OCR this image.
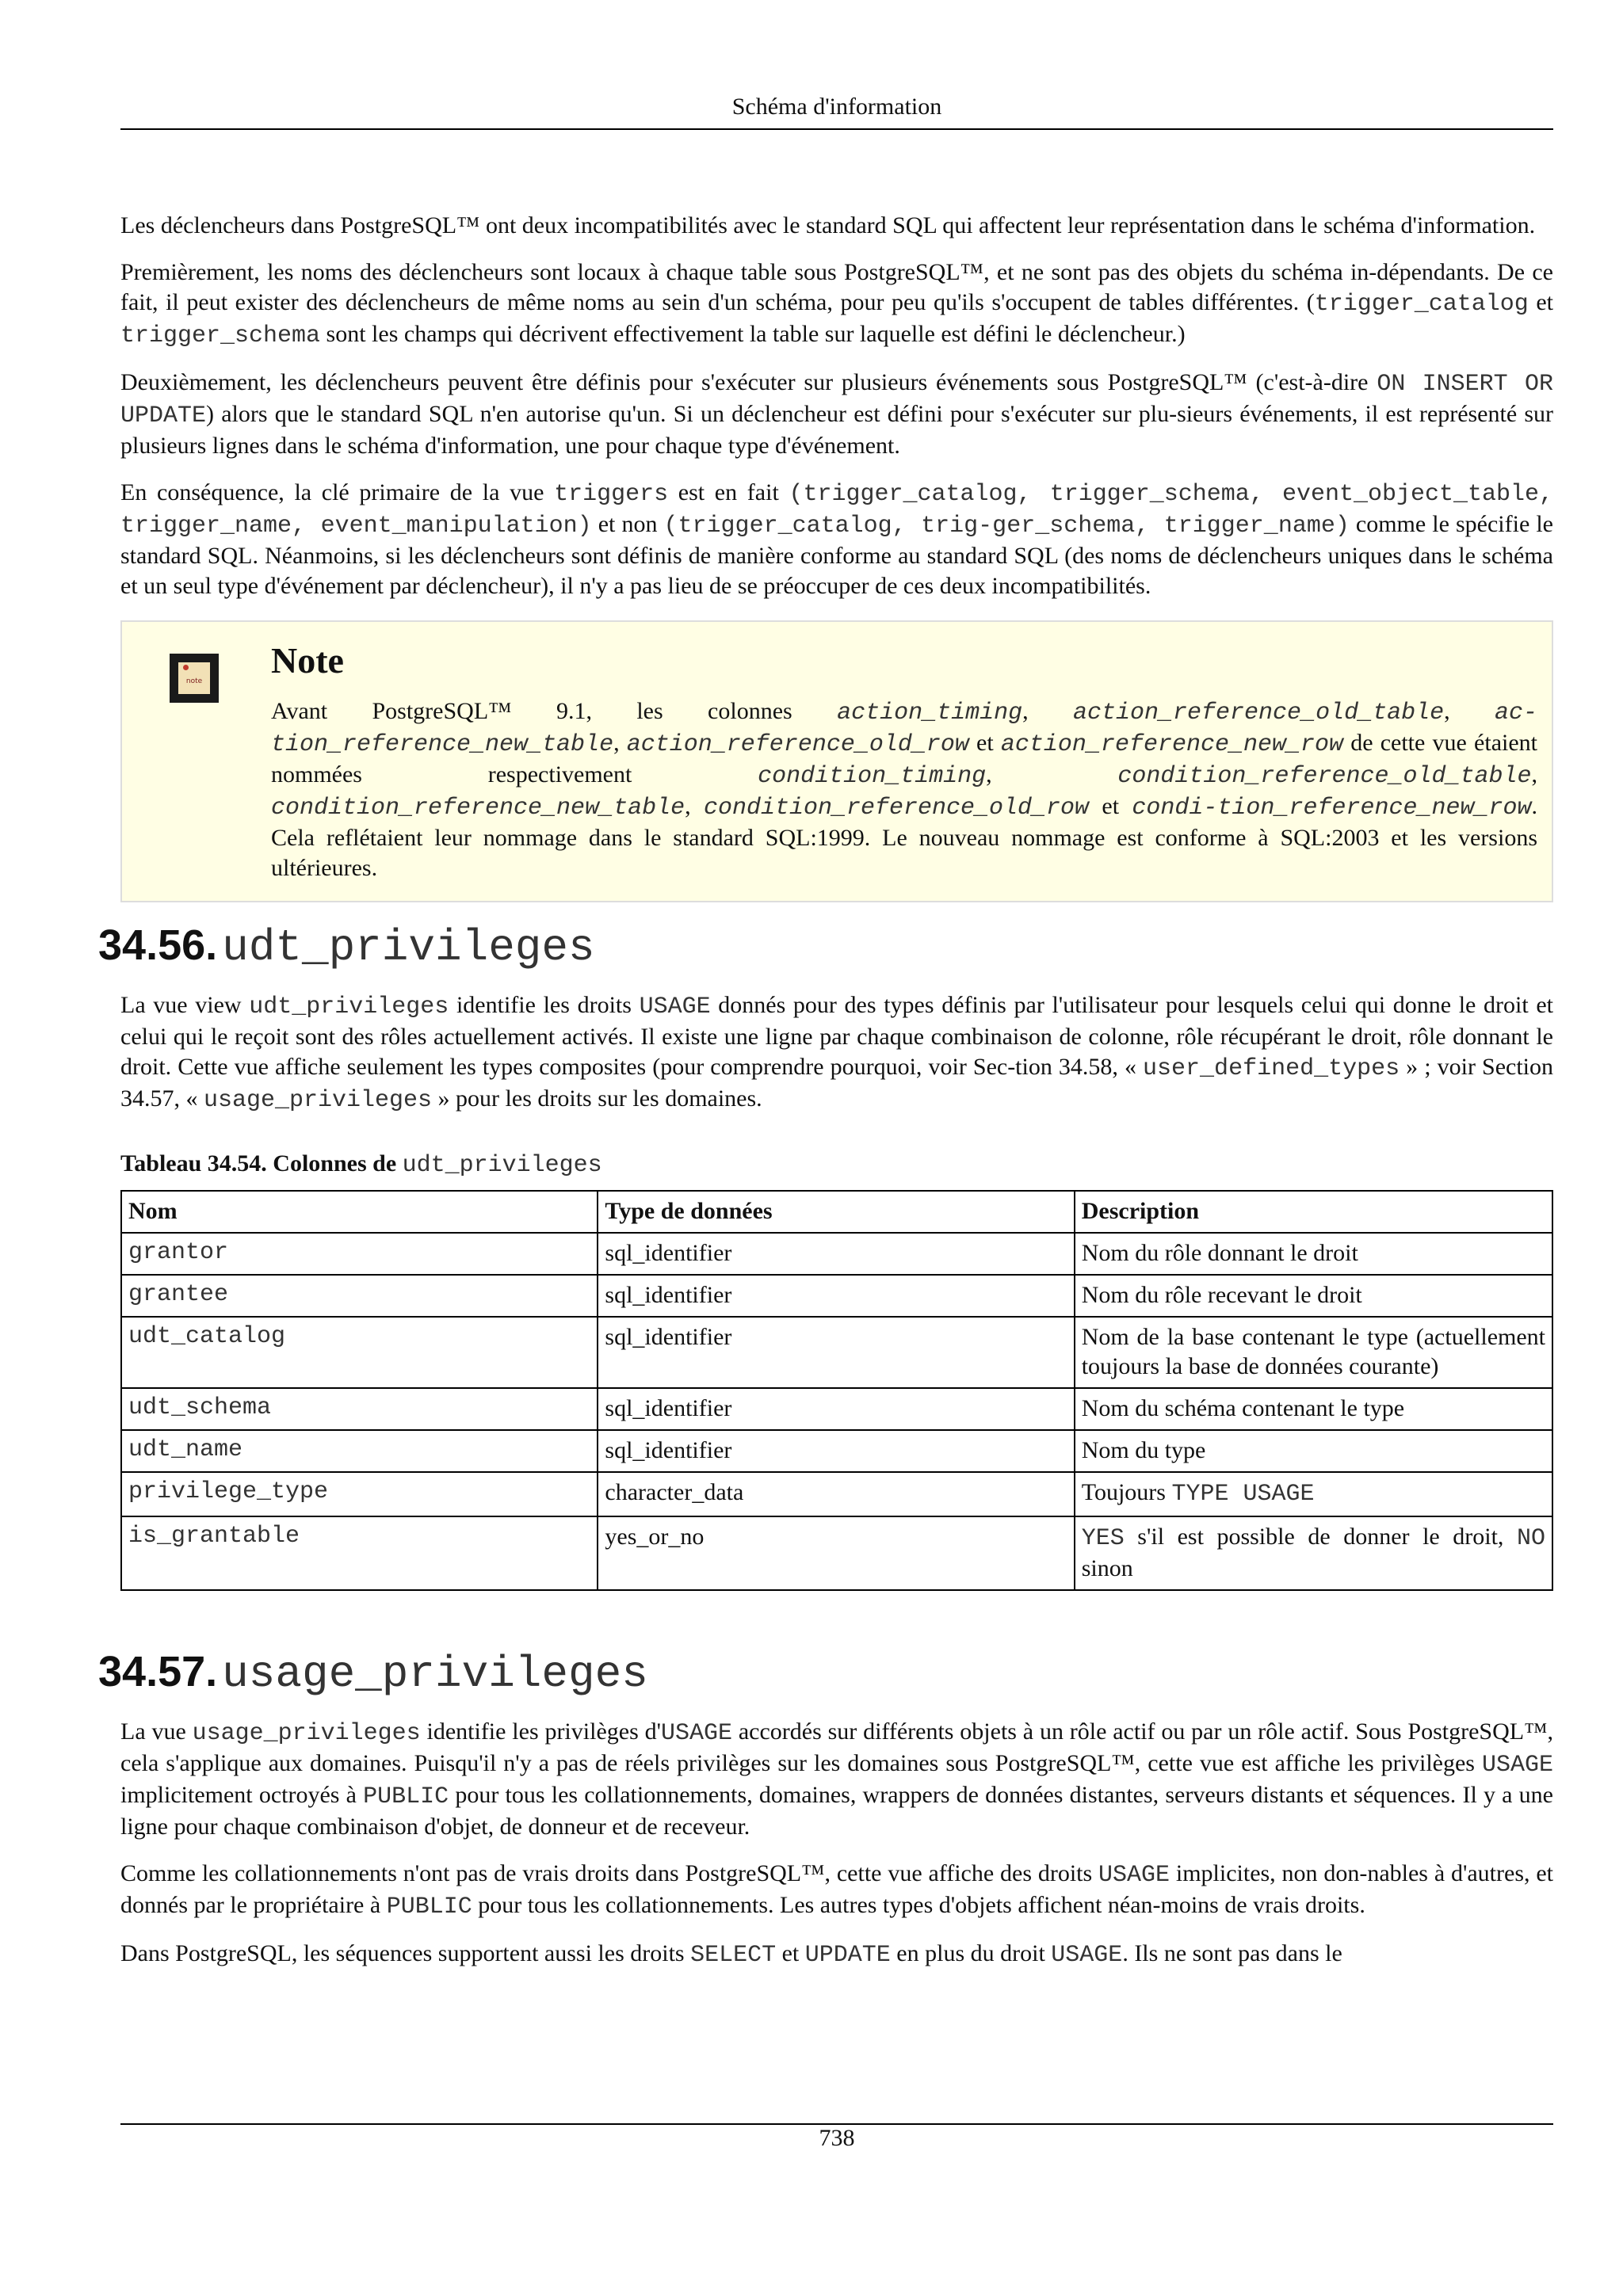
Schéma d'information

Les déclencheurs dans PostgreSQL™ ont deux incompatibilités avec le standard SQL qui affectent leur représentation dans le schéma d'information.

Premièrement, les noms des déclencheurs sont locaux à chaque table sous PostgreSQL™, et ne sont pas des objets du schéma in-dépendants. De ce fait, il peut exister des déclencheurs de même noms au sein d'un schéma, pour peu qu'ils s'occupent de tables différentes. (trigger_catalog et trigger_schema sont les champs qui décrivent effectivement la table sur laquelle est défini le déclencheur.)

Deuxièmement, les déclencheurs peuvent être définis pour s'exécuter sur plusieurs événements sous PostgreSQL™ (c'est-à-dire ON INSERT OR UPDATE) alors que le standard SQL n'en autorise qu'un. Si un déclencheur est défini pour s'exécuter sur plu-sieurs événements, il est représenté sur plusieurs lignes dans le schéma d'information, une pour chaque type d'événement.

En conséquence, la clé primaire de la vue triggers est en fait (trigger_catalog, trigger_schema, event_object_table, trigger_name, event_manipulation) et non (trigger_catalog, trig-ger_schema, trigger_name) comme le spécifie le standard SQL. Néanmoins, si les déclencheurs sont définis de manière conforme au standard SQL (des noms de déclencheurs uniques dans le schéma et un seul type d'événement par déclencheur), il n'y a pas lieu de se préoccuper de ces deux incompatibilités.

note
Note

Avant PostgreSQL™ 9.1, les colonnes action_timing, action_reference_old_table, ac-tion_reference_new_table, action_reference_old_row et action_reference_new_row de cette vue étaient nommées respectivement condition_timing, condition_reference_old_table, condition_reference_new_table, condition_reference_old_row et condi-tion_reference_new_row. Cela reflétaient leur nommage dans le standard SQL:1999. Le nouveau nommage est conforme à SQL:2003 et les versions ultérieures.

34.56. udt_privileges

La vue view udt_privileges identifie les droits USAGE donnés pour des types définis par l'utilisateur pour lesquels celui qui donne le droit et celui qui le reçoit sont des rôles actuellement activés. Il existe une ligne par chaque combinaison de colonne, rôle récupérant le droit, rôle donnant le droit. Cette vue affiche seulement les types composites (pour comprendre pourquoi, voir Sec-tion 34.58, « user_defined_types » ; voir Section 34.57, « usage_privileges » pour les droits sur les domaines.

Tableau 34.54. Colonnes de udt_privileges
Nom	Type de données	Description
grantor	sql_identifier	Nom du rôle donnant le droit
grantee	sql_identifier	Nom du rôle recevant le droit
udt_catalog	sql_identifier	Nom de la base contenant le type (actuellement toujours la base de données courante)
udt_schema	sql_identifier	Nom du schéma contenant le type
udt_name	sql_identifier	Nom du type
privilege_type	character_data	Toujours TYPE USAGE
is_grantable	yes_or_no	YES s'il est possible de donner le droit, NO sinon
34.57. usage_privileges

La vue usage_privileges identifie les privilèges d'USAGE accordés sur différents objets à un rôle actif ou par un rôle actif. Sous PostgreSQL™, cela s'applique aux domaines. Puisqu'il n'y a pas de réels privilèges sur les domaines sous PostgreSQL™, cette vue est affiche les privilèges USAGE implicitement octroyés à PUBLIC pour tous les collationnements, domaines, wrappers de données distantes, serveurs distants et séquences. Il y a une ligne pour chaque combinaison d'objet, de donneur et de receveur.

Comme les collationnements n'ont pas de vrais droits dans PostgreSQL™, cette vue affiche des droits USAGE implicites, non don-nables à d'autres, et donnés par le propriétaire à PUBLIC pour tous les collationnements. Les autres types d'objets affichent néan-moins de vrais droits.

Dans PostgreSQL, les séquences supportent aussi les droits SELECT et UPDATE en plus du droit USAGE. Ils ne sont pas dans le

738
